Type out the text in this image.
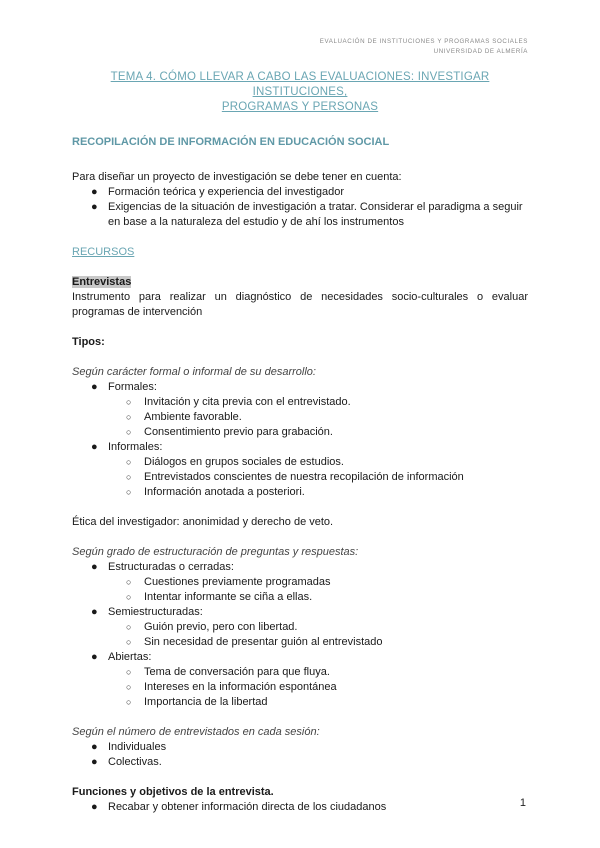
EVALUACIÓN DE INSTITUCIONES Y PROGRAMAS SOCIALES
UNIVERSIDAD DE ALMERÍA
TEMA 4. CÓMO LLEVAR A CABO LAS EVALUACIONES: INVESTIGAR INSTITUCIONES,
PROGRAMAS Y PERSONAS
RECOPILACIÓN DE INFORMACIÓN EN EDUCACIÓN SOCIAL

Para diseñar un proyecto de investigación se debe tener en cuenta:

● Formación teórica y experiencia del investigador
● Exigencias de la situación de investigación a tratar. Considerar el paradigma a seguir en base a la naturaleza del estudio y de ahí los instrumentos

RECURSOS

Entrevistas

Instrumento para realizar un diagnóstico de necesidades socio-culturales o evaluar programas de intervención

Tipos:

Según carácter formal o informal de su desarrollo:

● Formales:
○ Invitación y cita previa con el entrevistado.
○ Ambiente favorable.
○ Consentimiento previo para grabación.
● Informales:
○ Diálogos en grupos sociales de estudios.
○ Entrevistados conscientes de nuestra recopilación de información
○ Información anotada a posteriori.

Ética del investigador: anonimidad y derecho de veto.

Según grado de estructuración de preguntas y respuestas:

● Estructuradas o cerradas:
○ Cuestiones previamente programadas
○ Intentar informante se ciña a ellas.
● Semiestructuradas:
○ Guión previo, pero con libertad.
○ Sin necesidad de presentar guión al entrevistado
● Abiertas:
○ Tema de conversación para que fluya.
○ Intereses en la información espontánea
○ Importancia de la libertad

Según el número de entrevistados en cada sesión:

● Individuales
● Colectivas.

Funciones y objetivos de la entrevista.

● Recabar y obtener información directa de los ciudadanos	1
